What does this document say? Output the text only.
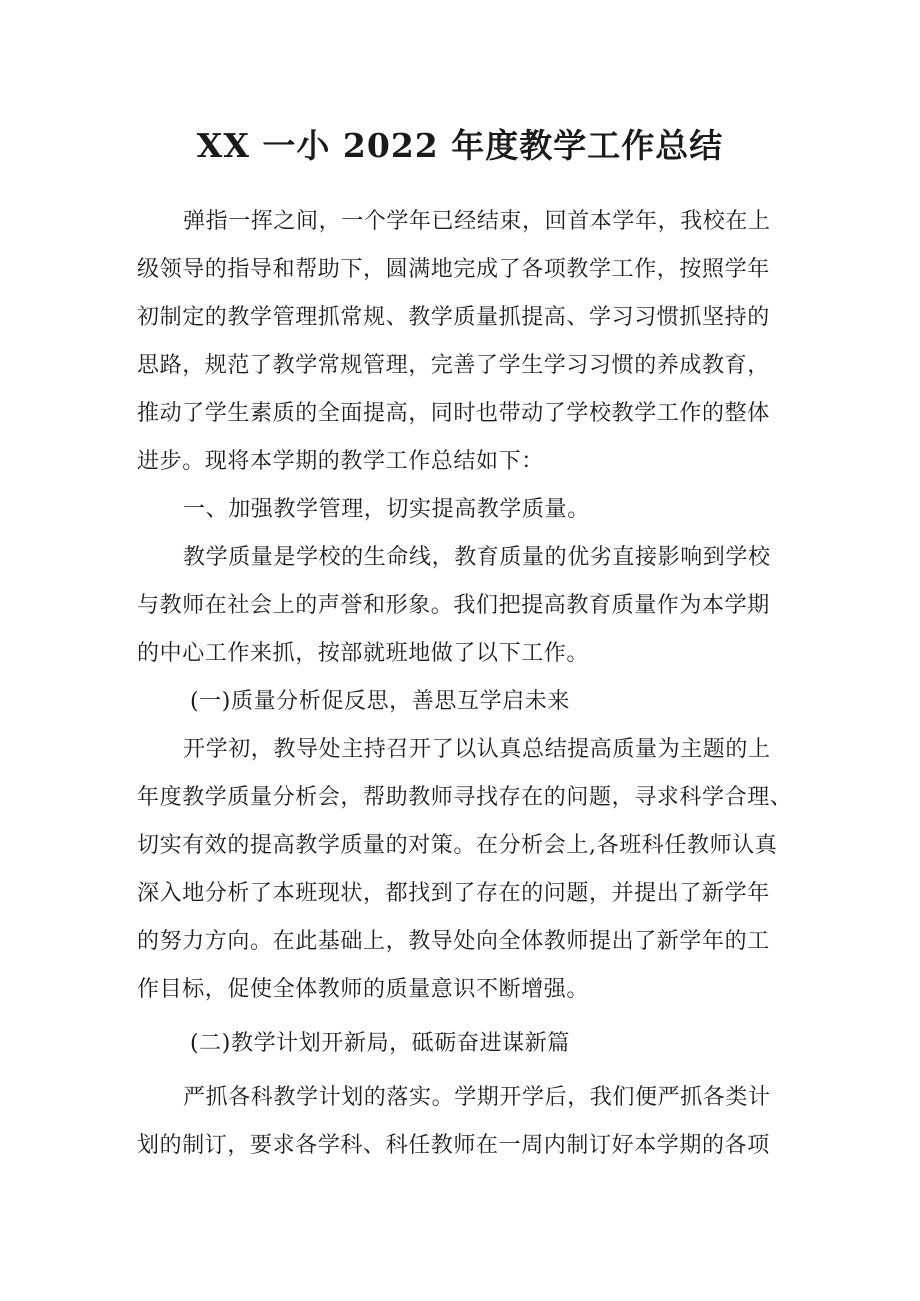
XX 一小 2022 年度教学工作总结
弹指一挥之间，一个学年已经结束，回首本学年，我校在上
级领导的指导和帮助下，圆满地完成了各项教学工作，按照学年
初制定的教学管理抓常规、教学质量抓提高、学习习惯抓坚持的
思路，规范了教学常规管理，完善了学生学习习惯的养成教育，
推动了学生素质的全面提高，同时也带动了学校教学工作的整体
进步。现将本学期的教学工作总结如下：
一、加强教学管理，切实提高教学质量。
教学质量是学校的生命线，教育质量的优劣直接影响到学校
与教师在社会上的声誉和形象。我们把提高教育质量作为本学期
的中心工作来抓，按部就班地做了以下工作。
(一)质量分析促反思，善思互学启未来
开学初，教导处主持召开了以认真总结提高质量为主题的上
年度教学质量分析会，帮助教师寻找存在的问题，寻求科学合理、
切实有效的提高教学质量的对策。在分析会上,各班科任教师认真
深入地分析了本班现状，都找到了存在的问题，并提出了新学年
的努力方向。在此基础上，教导处向全体教师提出了新学年的工
作目标，促使全体教师的质量意识不断增强。
(二)教学计划开新局，砥砺奋进谋新篇
严抓各科教学计划的落实。学期开学后，我们便严抓各类计
划的制订，要求各学科、科任教师在一周内制订好本学期的各项
